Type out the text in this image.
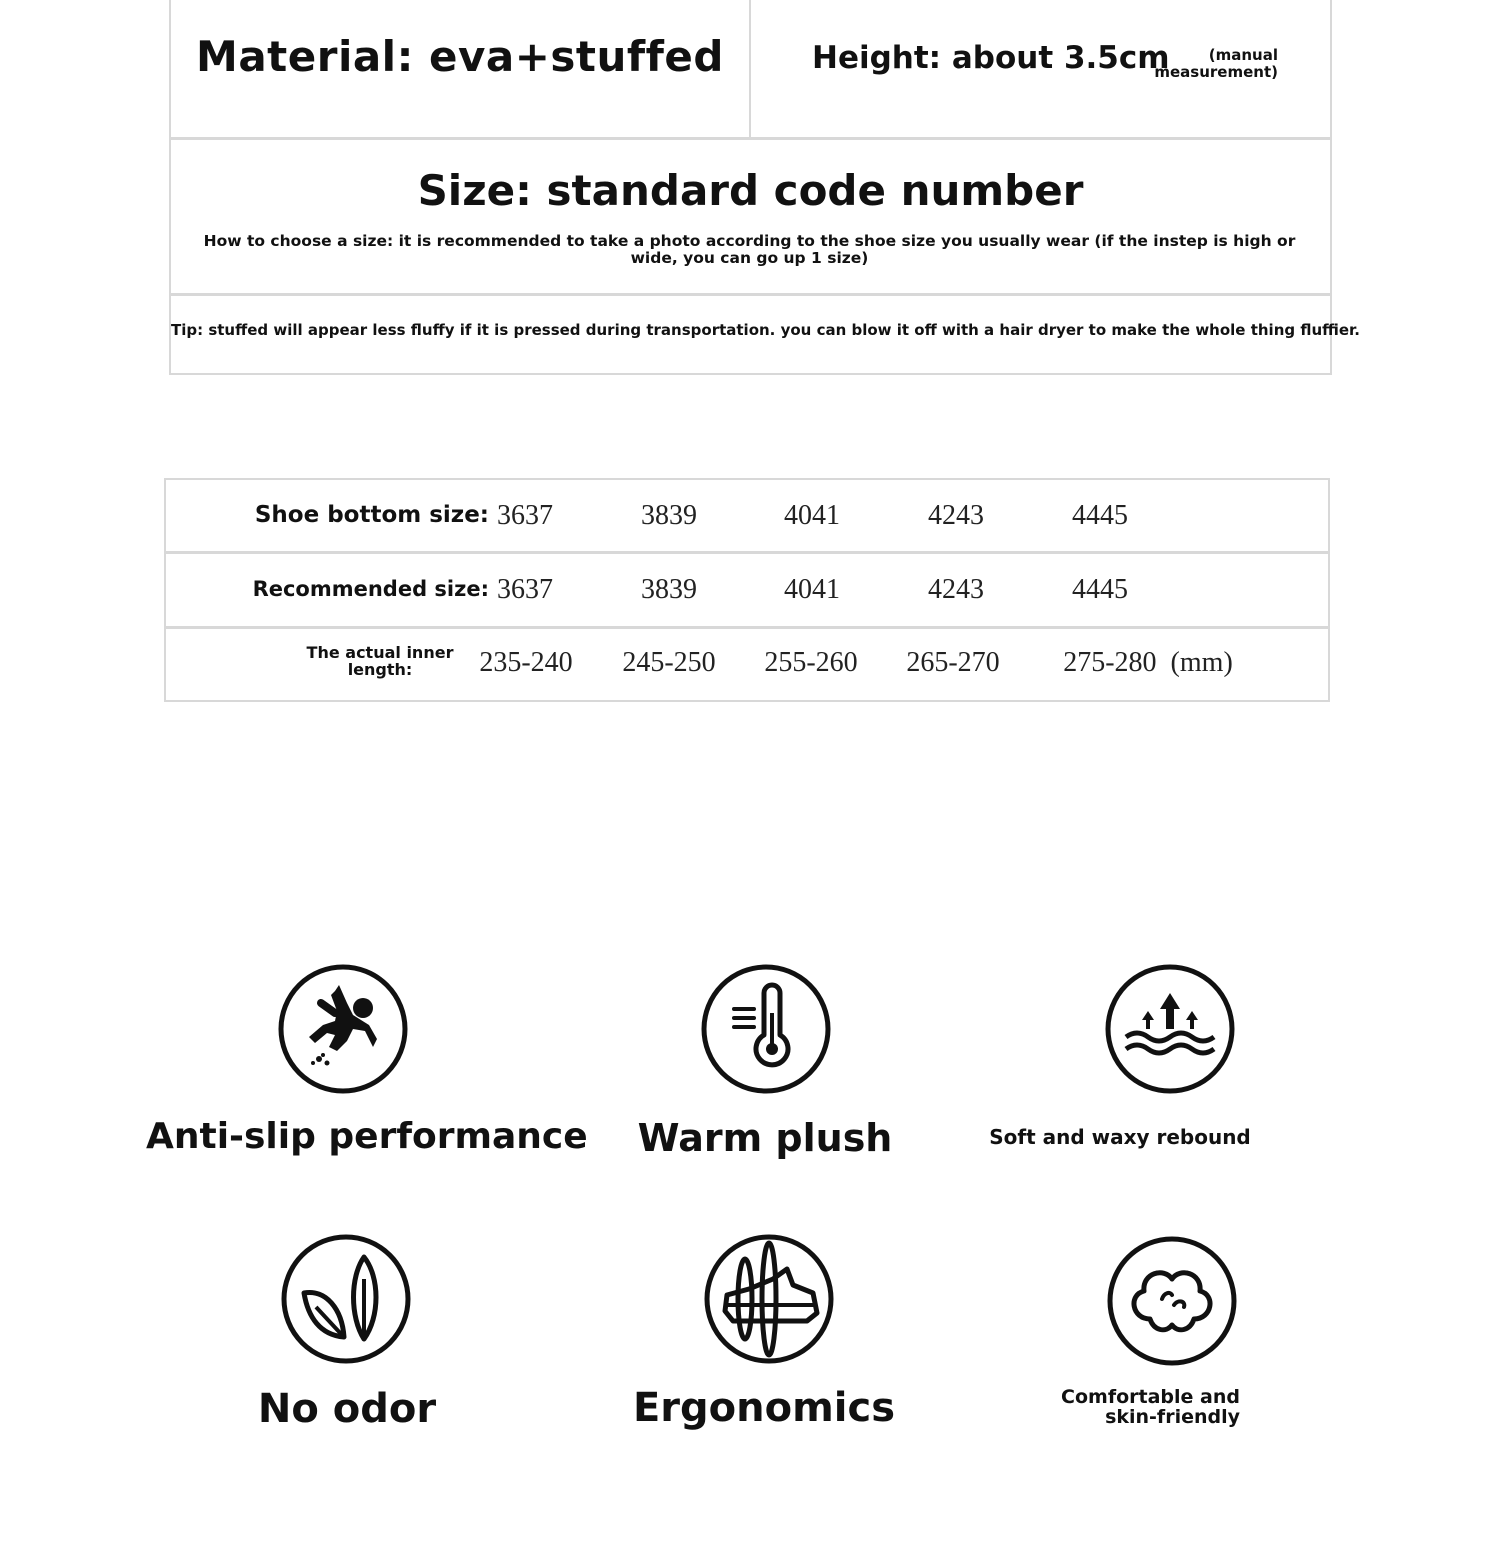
Material: eva+stuffed	Height: about 3.5cm	(manual measurement)
Size: standard code number
How to choose a size: it is recommended to take a photo according to the shoe size you usually wear (if the instep is high or wide, you can go up 1 size)
Tip: stuffed will appear less fluffy if it is pressed during transportation. you can blow it off with a hair dryer to make the whole thing fluffier.
Shoe bottom size: 3637	3839	4041	4243	4445
Recommended size: 3637	3839	4041	4243	4445
The actual inner length:	235-240	245-250	255-260	265-270	275-280  (mm)
Anti-slip performance	Warm plush	Soft and waxy rebound
No odor	Ergonomics	Comfortable and skin-friendly
